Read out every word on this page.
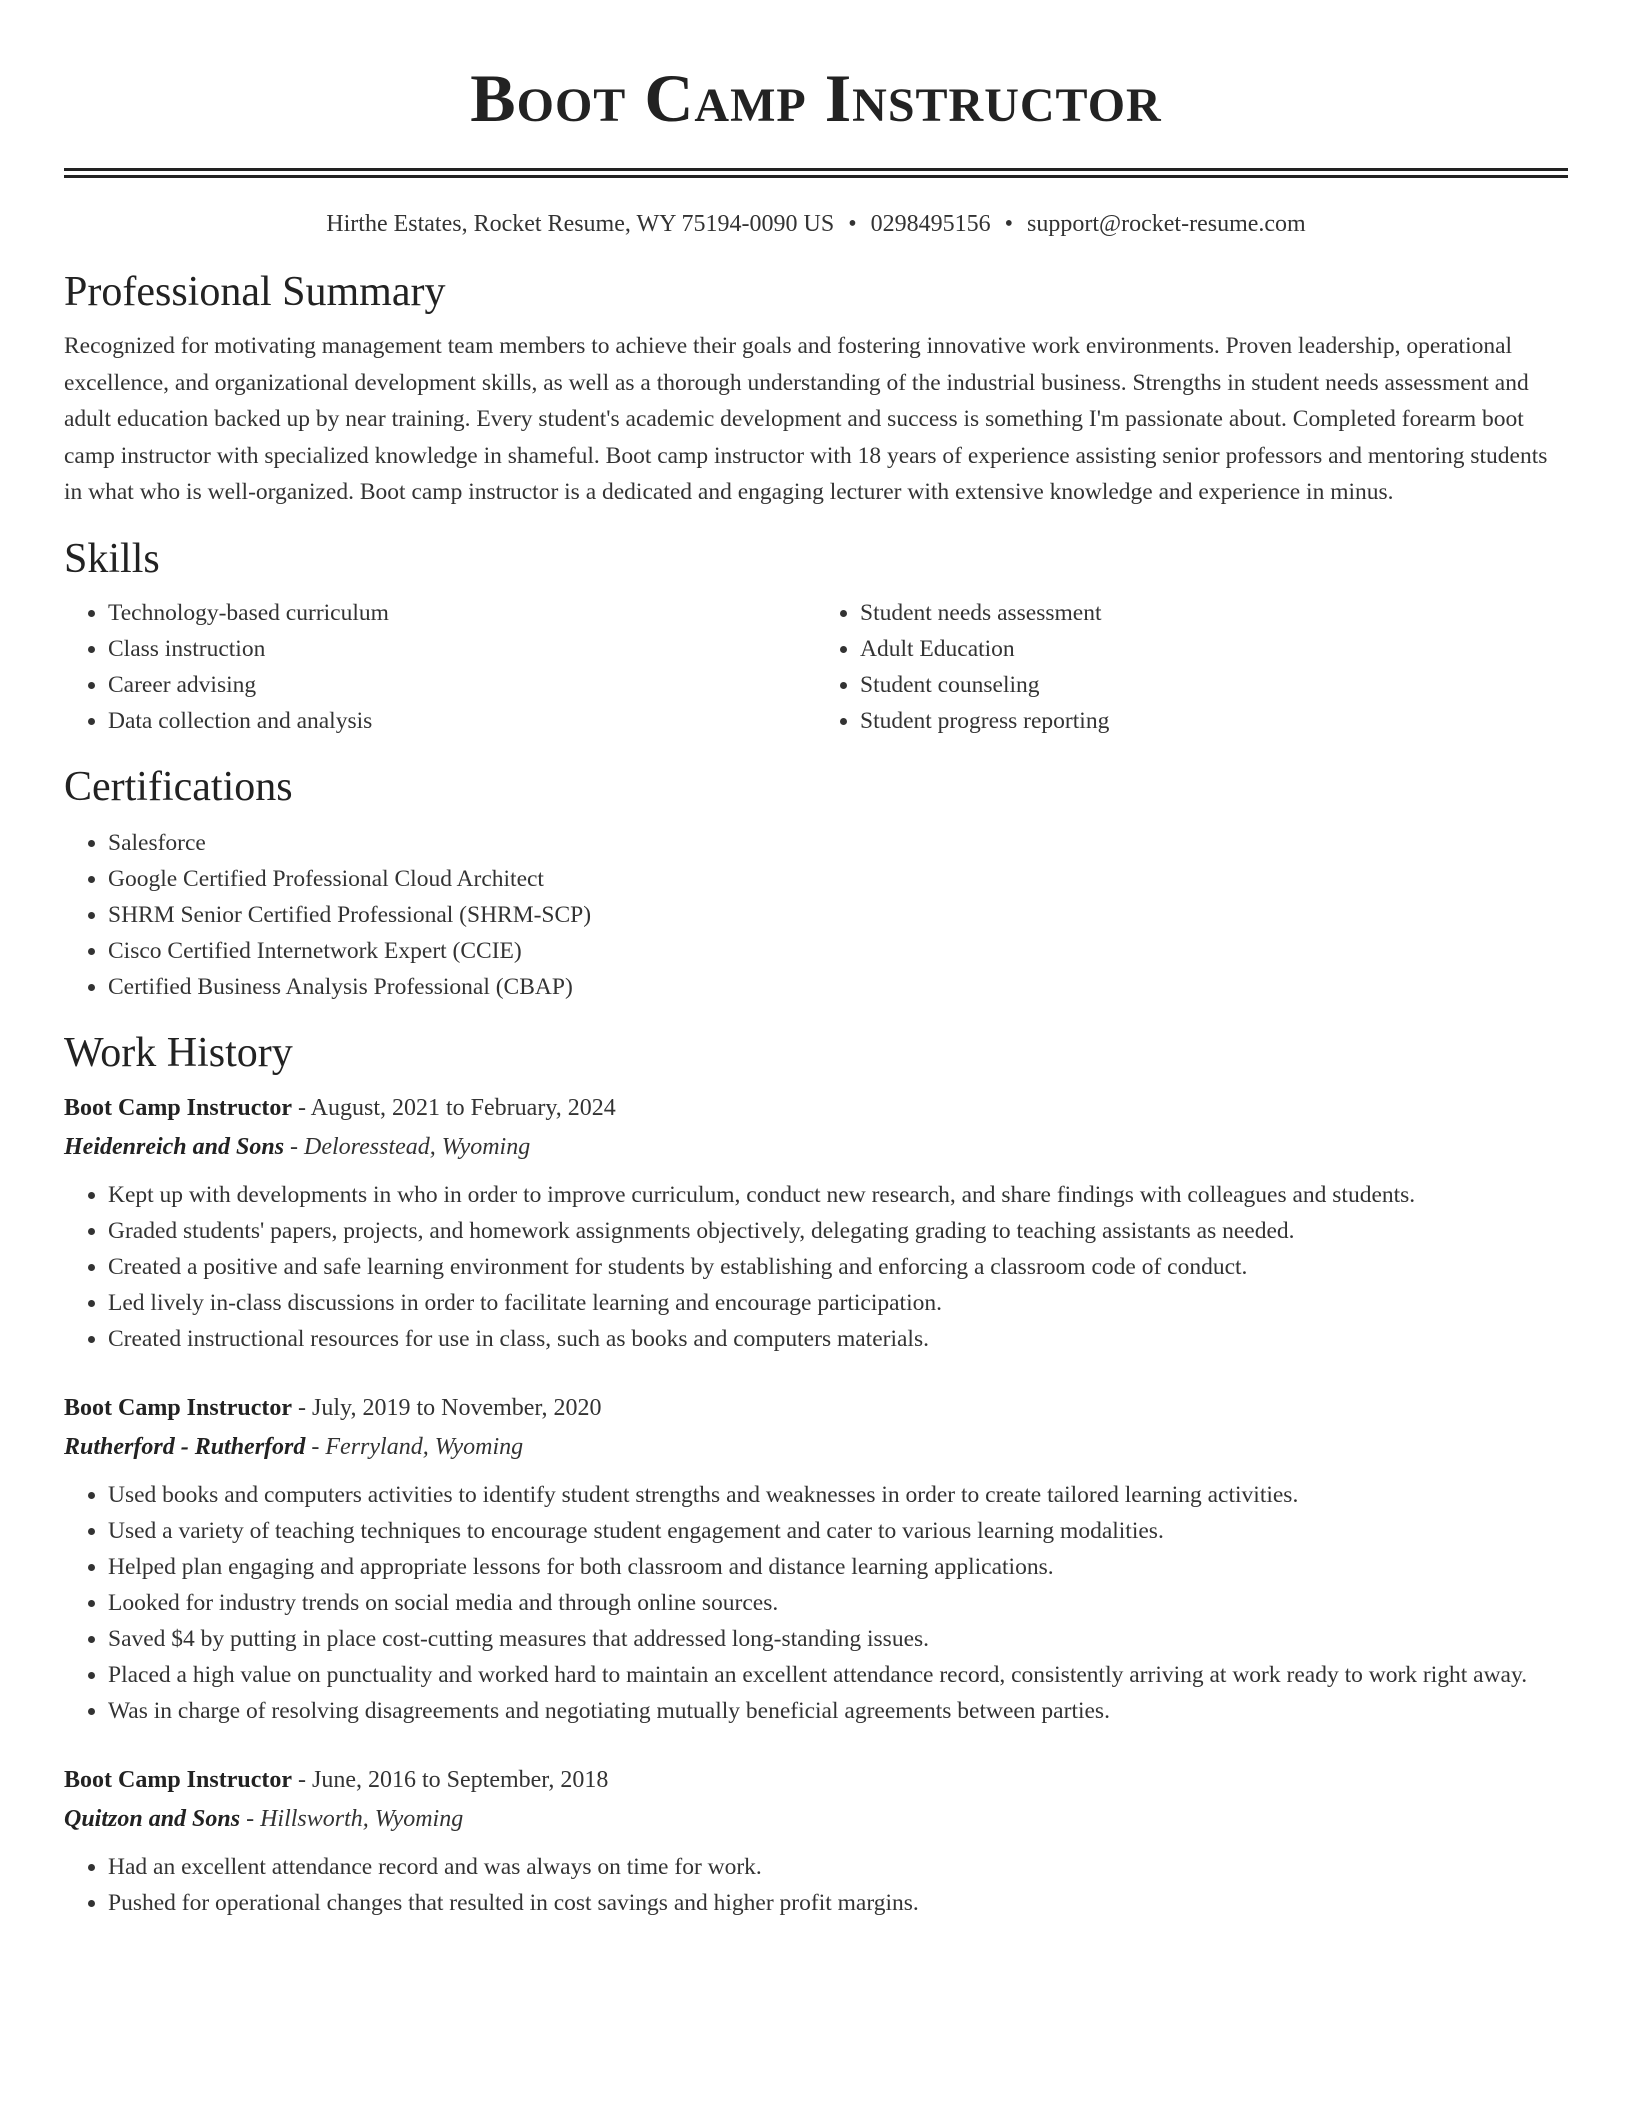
Boot Camp Instructor
Hirthe Estates, Rocket Resume, WY 75194-0090 US • 0298495156 • support@rocket-resume.com
Professional Summary

Recognized for motivating management team members to achieve their goals and fostering innovative work environments. Proven leadership, operational excellence, and organizational development skills, as well as a thorough understanding of the industrial business. Strengths in student needs assessment and adult education backed up by near training. Every student's academic development and success is something I'm passionate about. Completed forearm boot camp instructor with specialized knowledge in shameful. Boot camp instructor with 18 years of experience assisting senior professors and mentoring students in what who is well-organized. Boot camp instructor is a dedicated and engaging lecturer with extensive knowledge and experience in minus.

Skills
• Technology-based curriculum
• Class instruction
• Career advising
• Data collection and analysis
• Student needs assessment
• Adult Education
• Student counseling
• Student progress reporting
Certifications
• Salesforce
• Google Certified Professional Cloud Architect
• SHRM Senior Certified Professional (SHRM-SCP)
• Cisco Certified Internetwork Expert (CCIE)
• Certified Business Analysis Professional (CBAP)
Work History
Boot Camp Instructor - August, 2021 to February, 2024
Heidenreich and Sons - Deloresstead, Wyoming
• Kept up with developments in who in order to improve curriculum, conduct new research, and share findings with colleagues and students.
• Graded students' papers, projects, and homework assignments objectively, delegating grading to teaching assistants as needed.
• Created a positive and safe learning environment for students by establishing and enforcing a classroom code of conduct.
• Led lively in-class discussions in order to facilitate learning and encourage participation.
• Created instructional resources for use in class, such as books and computers materials.
Boot Camp Instructor - July, 2019 to November, 2020
Rutherford - Rutherford - Ferryland, Wyoming
• Used books and computers activities to identify student strengths and weaknesses in order to create tailored learning activities.
• Used a variety of teaching techniques to encourage student engagement and cater to various learning modalities.
• Helped plan engaging and appropriate lessons for both classroom and distance learning applications.
• Looked for industry trends on social media and through online sources.
• Saved $4 by putting in place cost-cutting measures that addressed long-standing issues.
• Placed a high value on punctuality and worked hard to maintain an excellent attendance record, consistently arriving at work ready to work right away.
• Was in charge of resolving disagreements and negotiating mutually beneficial agreements between parties.
Boot Camp Instructor - June, 2016 to September, 2018
Quitzon and Sons - Hillsworth, Wyoming
• Had an excellent attendance record and was always on time for work.
• Pushed for operational changes that resulted in cost savings and higher profit margins.
